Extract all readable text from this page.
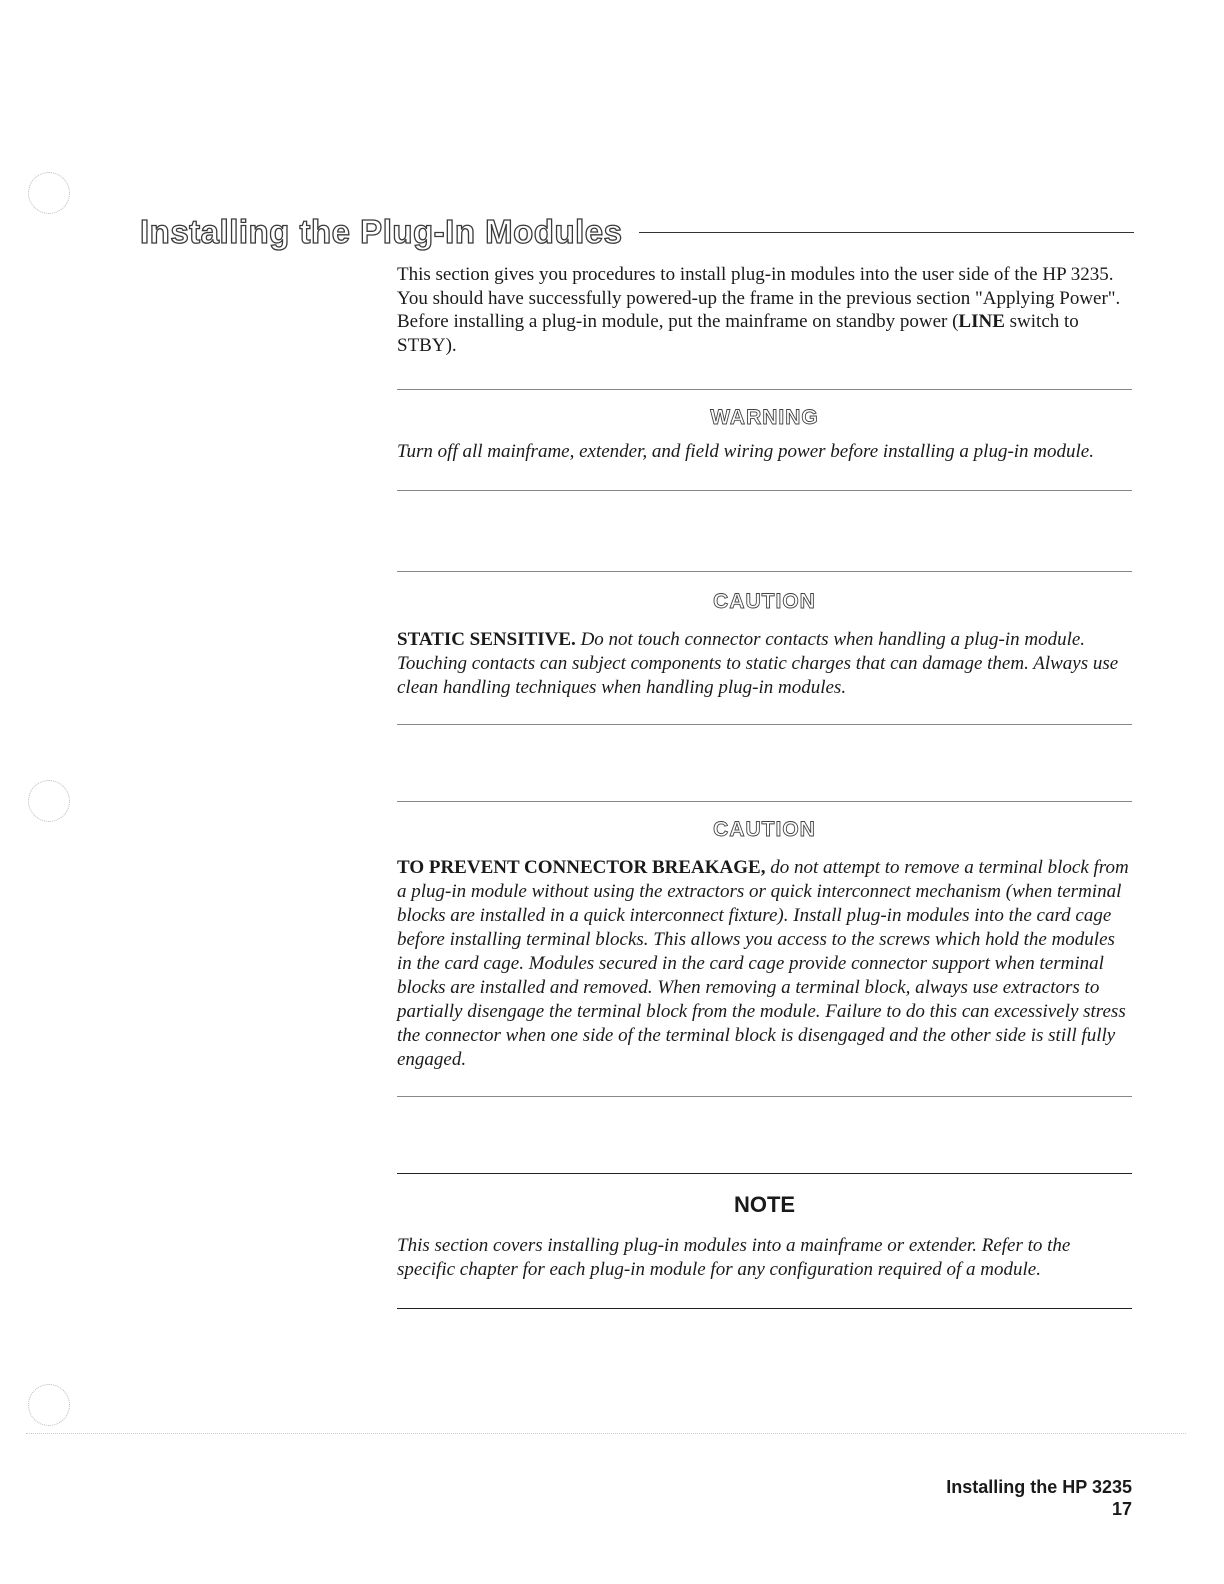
Installing the Plug-In Modules

This section gives you procedures to install plug-in modules into the user side of the HP 3235. You should have successfully powered-up the frame in the previous section "Applying Power". Before installing a plug-in module, put the mainframe on standby power (LINE switch to STBY).

WARNING

Turn off all mainframe, extender, and field wiring power before installing a plug-in module.

CAUTION

STATIC SENSITIVE. Do not touch connector contacts when handling a plug-in module. Touching contacts can subject components to static charges that can damage them. Always use clean handling techniques when handling plug-in modules.

CAUTION

TO PREVENT CONNECTOR BREAKAGE, do not attempt to remove a terminal block from a plug-in module without using the extractors or quick interconnect mechanism (when terminal blocks are installed in a quick interconnect fixture). Install plug-in modules into the card cage before installing terminal blocks. This allows you access to the screws which hold the modules in the card cage. Modules secured in the card cage provide connector support when terminal blocks are installed and removed. When removing a terminal block, always use extractors to partially disengage the terminal block from the module. Failure to do this can excessively stress the connector when one side of the terminal block is disengaged and the other side is still fully engaged.

NOTE

This section covers installing plug-in modules into a mainframe or extender. Refer to the specific chapter for each plug-in module for any configuration required of a module.

Installing the HP 3235
17
